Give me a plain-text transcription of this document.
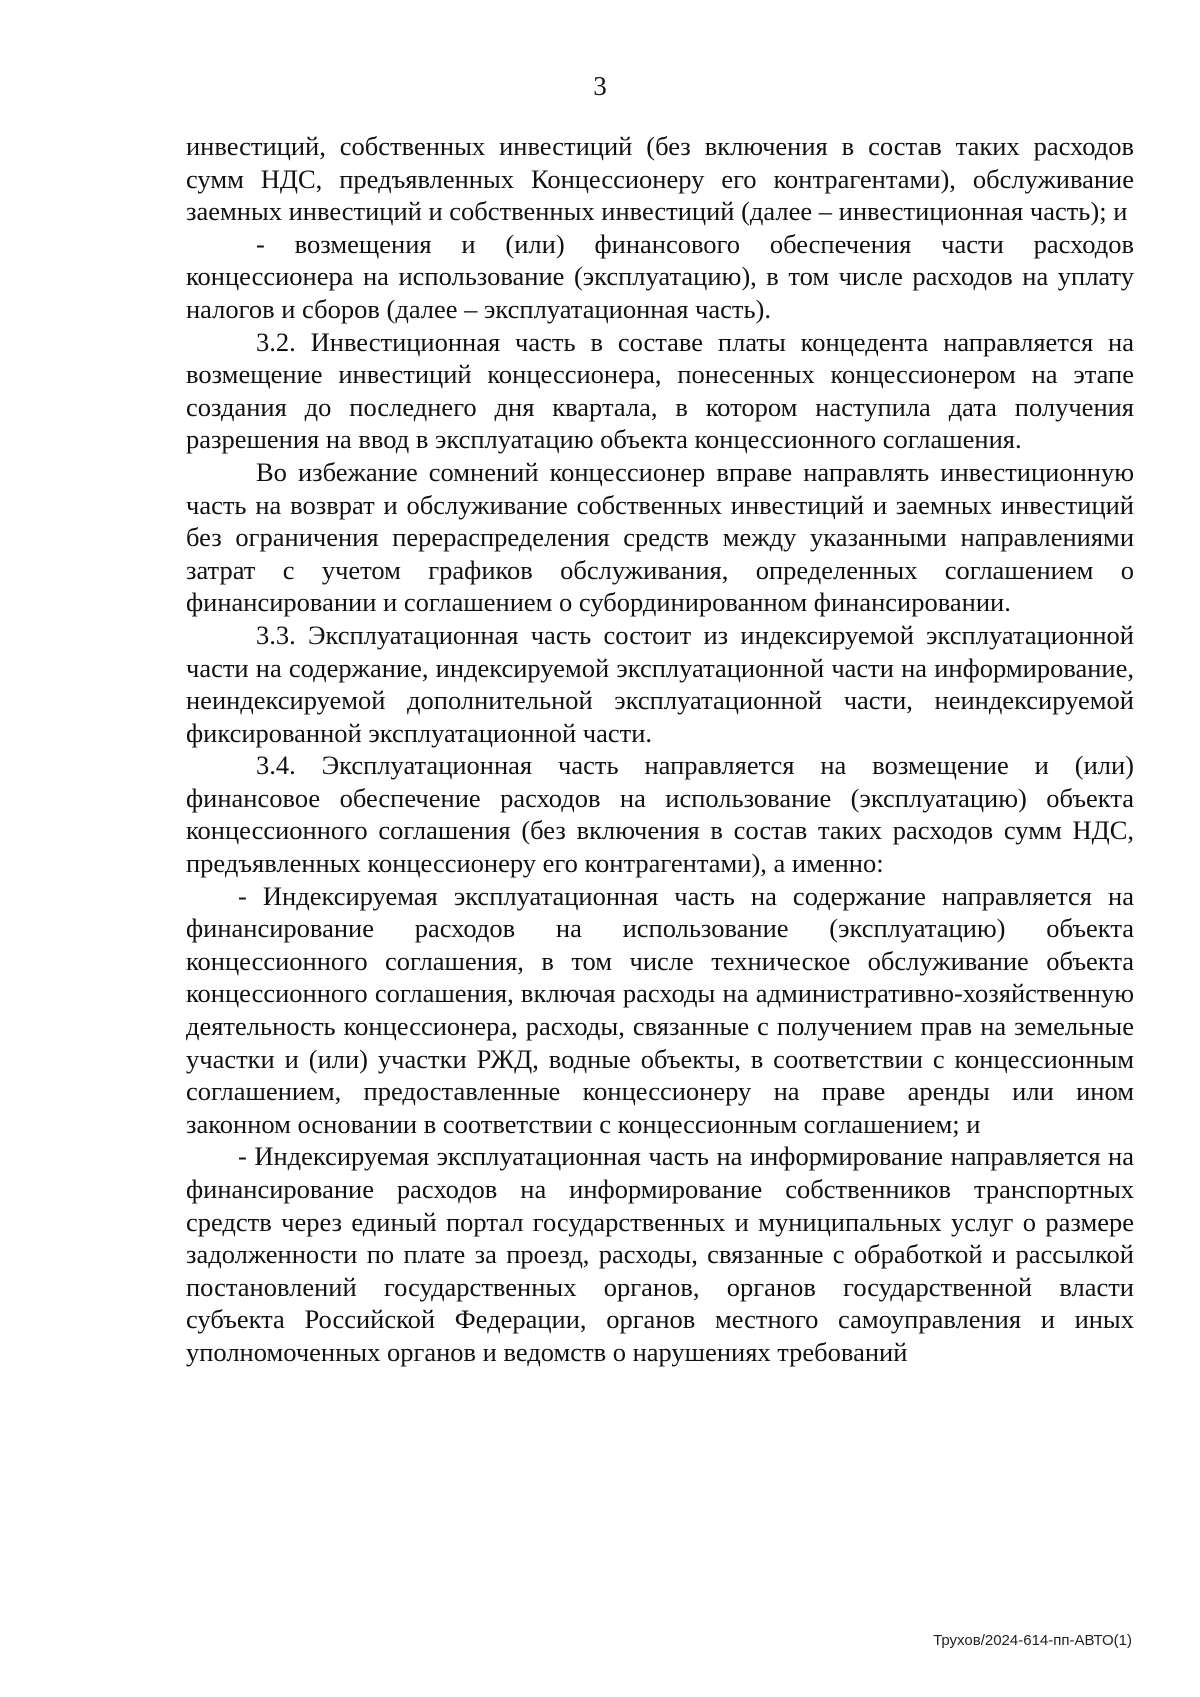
3

инвестиций, собственных инвестиций (без включения в состав таких расходов сумм НДС, предъявленных Концессионеру его контрагентами), обслуживание заемных инвестиций и собственных инвестиций (далее – инвестиционная часть); и

- возмещения и (или) финансового обеспечения части расходов концессионера на использование (эксплуатацию), в том числе расходов на уплату налогов и сборов (далее – эксплуатационная часть).

3.2. Инвестиционная часть в составе платы концедента направляется на возмещение инвестиций концессионера, понесенных концессионером на этапе создания до последнего дня квартала, в котором наступила дата получения разрешения на ввод в эксплуатацию объекта концессионного соглашения.

Во избежание сомнений концессионер вправе направлять инвестиционную часть на возврат и обслуживание собственных инвестиций и заемных инвестиций без ограничения перераспределения средств между указанными направлениями затрат с учетом графиков обслуживания, определенных соглашением о финансировании и соглашением о субординированном финансировании.

3.3. Эксплуатационная часть состоит из индексируемой эксплуатационной части на содержание, индексируемой эксплуатационной части на информирование, неиндексируемой дополнительной эксплуатационной части, неиндексируемой фиксированной эксплуатационной части.

3.4. Эксплуатационная часть направляется на возмещение и (или) финансовое обеспечение расходов на использование (эксплуатацию) объекта концессионного соглашения (без включения в состав таких расходов сумм НДС, предъявленных концессионеру его контрагентами), а именно:

- Индексируемая эксплуатационная часть на содержание направляется на финансирование расходов на использование (эксплуатацию) объекта концессионного соглашения, в том числе техническое обслуживание объекта концессионного соглашения, включая расходы на административно-хозяйственную деятельность концессионера, расходы, связанные с получением прав на земельные участки и (или) участки РЖД, водные объекты, в соответствии с концессионным соглашением, предоставленные концессионеру на праве аренды или ином законном основании в соответствии с концессионным соглашением; и

- Индексируемая эксплуатационная часть на информирование направляется на финансирование расходов на информирование собственников транспортных средств через единый портал государственных и муниципальных услуг о размере задолженности по плате за проезд, расходы, связанные с обработкой и рассылкой постановлений государственных органов, органов государственной власти субъекта Российской Федерации, органов местного самоуправления и иных уполномоченных органов и ведомств о нарушениях требований

Трухов/2024-614-пп-АВТО(1)
